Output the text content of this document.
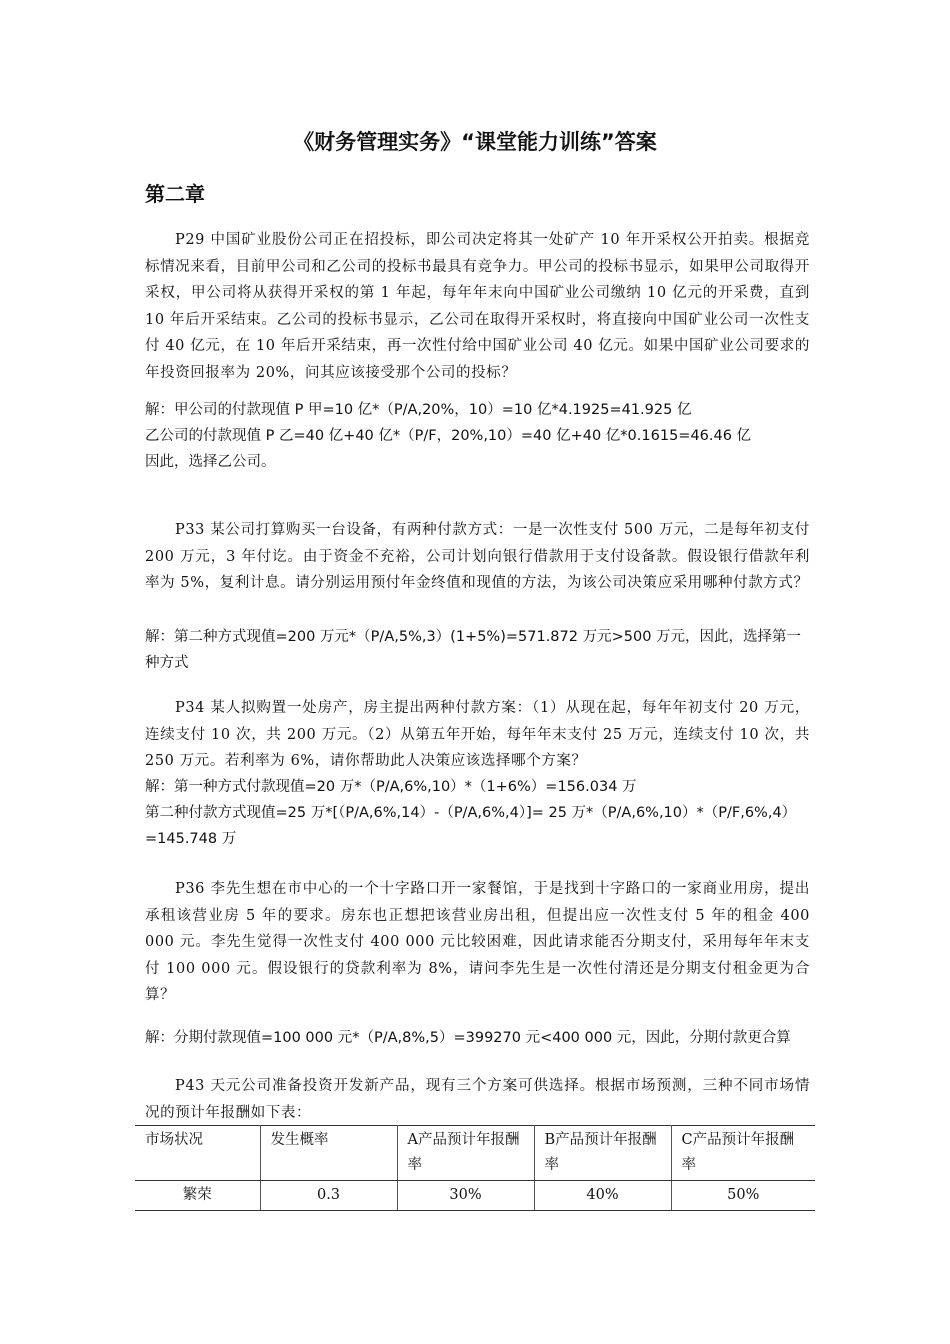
《财务管理实务》“课堂能力训练”答案
第二章

P29 中国矿业股份公司正在招投标，即公司决定将其一处矿产 10 年开采权公开拍卖。根据竞标情况来看，目前甲公司和乙公司的投标书最具有竞争力。甲公司的投标书显示，如果甲公司取得开采权，甲公司将从获得开采权的第 1 年起，每年年末向中国矿业公司缴纳 10 亿元的开采费，直到 10 年后开采结束。乙公司的投标书显示，乙公司在取得开采权时，将直接向中国矿业公司一次性支付 40 亿元，在 10 年后开采结束，再一次性付给中国矿业公司 40 亿元。如果中国矿业公司要求的年投资回报率为 20%，问其应该接受那个公司的投标？

解：甲公司的付款现值 P 甲=10 亿*（P/A,20%，10）=10 亿*4.1925=41.925 亿
乙公司的付款现值 P 乙=40 亿+40 亿*（P/F，20%,10）=40 亿+40 亿*0.1615=46.46 亿
因此，选择乙公司。

P33 某公司打算购买一台设备，有两种付款方式：一是一次性支付 500 万元，二是每年初支付 200 万元，3 年付讫。由于资金不充裕，公司计划向银行借款用于支付设备款。假设银行借款年利率为 5%，复利计息。请分别运用预付年金终值和现值的方法，为该公司决策应采用哪种付款方式？

解：第二种方式现值=200 万元*（P/A,5%,3）(1+5%)=571.872 万元>500 万元，因此，选择第一种方式

P34 某人拟购置一处房产，房主提出两种付款方案：（1）从现在起，每年年初支付 20 万元，连续支付 10 次，共 200 万元。（2）从第五年开始，每年年末支付 25 万元，连续支付 10 次，共 250 万元。若利率为 6%，请你帮助此人决策应该选择哪个方案？

解：第一种方式付款现值=20 万*（P/A,6%,10）*（1+6%）=156.034 万
第二种付款方式现值=25 万*[（P/A,6%,14）-（P/A,6%,4）]= 25 万*（P/A,6%,10）*（P/F,6%,4）=145.748 万

P36 李先生想在市中心的一个十字路口开一家餐馆，于是找到十字路口的一家商业用房，提出承租该营业房 5 年的要求。房东也正想把该营业房出租，但提出应一次性支付 5 年的租金 400 000 元。李先生觉得一次性支付 400 000 元比较困难，因此请求能否分期支付，采用每年年末支付 100 000 元。假设银行的贷款利率为 8%，请问李先生是一次性付清还是分期支付租金更为合算？

解：分期付款现值=100 000 元*（P/A,8%,5）=399270 元<400 000 元，因此，分期付款更合算

P43 天元公司准备投资开发新产品，现有三个方案可供选择。根据市场预测，三种不同市场情况的预计年报酬如下表：

市场状况	发生概率	A产品预计年报酬率	B产品预计年报酬率	C产品预计年报酬率
繁荣	0.3	30%	40%	50%
